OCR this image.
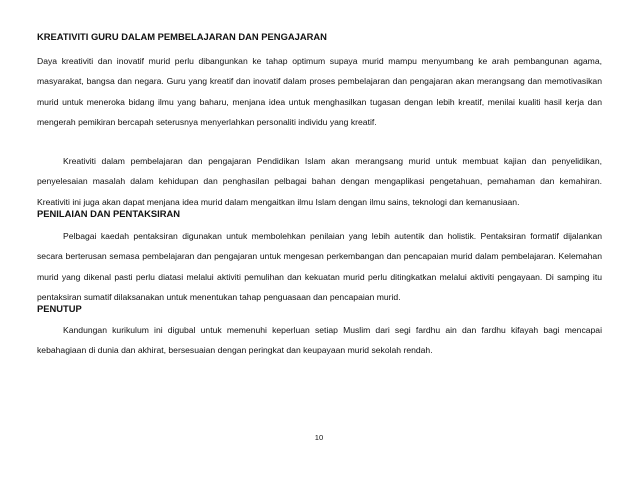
KREATIVITI GURU DALAM PEMBELAJARAN DAN PENGAJARAN
Daya kreativiti dan inovatif murid perlu dibangunkan ke tahap optimum supaya murid mampu menyumbang ke arah pembangunan agama, masyarakat, bangsa dan negara. Guru yang kreatif dan inovatif dalam proses pembelajaran dan pengajaran akan merangsang dan memotivasikan murid untuk meneroka bidang ilmu yang baharu, menjana idea untuk menghasilkan tugasan dengan lebih kreatif, menilai kualiti hasil kerja dan mengerah pemikiran bercapah seterusnya menyerlahkan personaliti individu yang kreatif.
Kreativiti dalam pembelajaran dan pengajaran Pendidikan Islam akan merangsang murid untuk membuat kajian dan penyelidikan, penyelesaian masalah dalam kehidupan dan penghasilan pelbagai bahan dengan mengaplikasi pengetahuan, pemahaman dan kemahiran. Kreativiti ini juga akan dapat menjana idea murid dalam mengaitkan ilmu Islam dengan ilmu sains, teknologi dan kemanusiaan.
PENILAIAN DAN PENTAKSIRAN
Pelbagai kaedah pentaksiran digunakan untuk membolehkan penilaian yang lebih autentik dan holistik. Pentaksiran formatif dijalankan secara berterusan semasa pembelajaran dan pengajaran untuk mengesan perkembangan dan pencapaian murid dalam pembelajaran. Kelemahan murid yang dikenal pasti perlu diatasi melalui aktiviti pemulihan dan kekuatan murid perlu ditingkatkan melalui aktiviti pengayaan. Di samping itu pentaksiran sumatif dilaksanakan untuk menentukan tahap penguasaan dan pencapaian murid.
PENUTUP
Kandungan kurikulum ini digubal untuk memenuhi keperluan setiap Muslim dari segi fardhu ain dan fardhu kifayah bagi mencapai kebahagiaan di dunia dan akhirat, bersesuaian dengan peringkat dan keupayaan murid sekolah rendah.
10
